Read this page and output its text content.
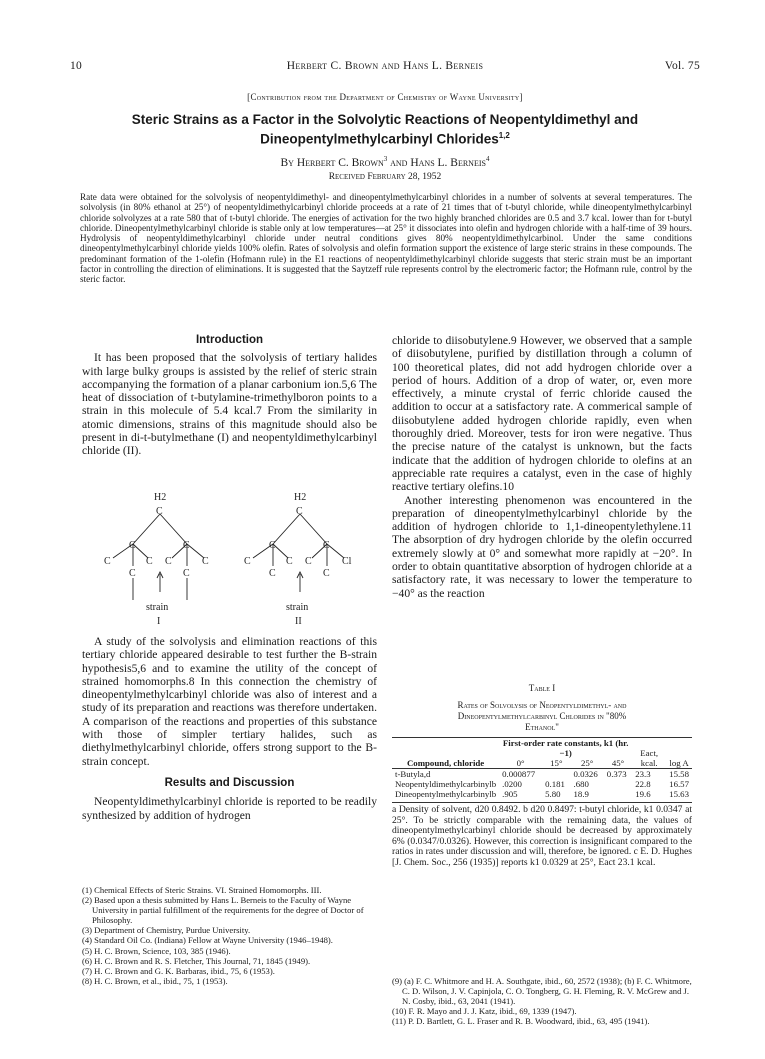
10	Herbert C. Brown and Hans L. Berneis	Vol. 75
[Contribution from the Department of Chemistry of Wayne University]
Steric Strains as a Factor in the Solvolytic Reactions of Neopentyldimethyl and
Dineopentylmethylcarbinyl Chlorides$^{1,2}$
By Herbert C. Brown$^3$ and Hans L. Berneis$^4$
Received February 28, 1952
Rate data were obtained for the solvolysis of neopentyldimethyl- and dineopentylmethylcarbinyl chlorides in a number of solvents at several temperatures. The solvolysis (in 80% ethanol at 25°) of neopentyldimethylcarbinyl chloride proceeds at a rate of 21 times that of t-butyl chloride, while dineopentylmethylcarbinyl chloride solvolyzes at a rate 580 that of t-butyl chloride. The energies of activation for the two highly branched chlorides are 0.5 and 3.7 kcal. lower than for t-butyl chloride. Dineopentylmethylcarbinyl chloride is stable only at low temperatures—at 25° it dissociates into olefin and hydrogen chloride with a half-time of 39 hours. Hydrolysis of neopentyldimethylcarbinyl chloride under neutral conditions gives 80% neopentyldimethylcarbinol. Under the same conditions dineopentylmethylcarbinyl chloride yields 100% olefin. Rates of solvolysis and olefin formation support the existence of large steric strains in these compounds. The predominant formation of the 1-olefin (Hofmann rule) in the E1 reactions of neopentyldimethylcarbinyl chloride suggests that steric strain must be an important factor in controlling the direction of eliminations. It is suggested that the Saytzeff rule represents control by the electromeric factor; the Hofmann rule, control by the steric factor.
Introduction

It has been proposed that the solvolysis of tertiary halides with large bulky groups is assisted by the relief of steric strain accompanying the formation of a planar carbonium ion.5,6 The heat of dissociation of t-butylamine-trimethylboron points to a strain in this molecule of 5.4 kcal.7 From the similarity in atomic dimensions, strains of this magnitude should also be present in di-t-butylmethane (I) and neopentyldimethylcarbinyl chloride (II).

H2
C
C	C
C	C C	C
C	C
strain
I
H2
C
C	C
C	C C	Cl
C	C
strain
II

A study of the solvolysis and elimination reactions of this tertiary chloride appeared desirable to test further the B-strain hypothesis5,6 and to examine the utility of the concept of strained homomorphs.8 In this connection the chemistry of dineopentylmethylcarbinyl chloride was also of interest and a study of its preparation and reactions was therefore undertaken. A comparison of the reactions and properties of this substance with those of simpler tertiary halides, such as diethylmethylcarbinyl chloride, offers strong support to the B-strain concept.

Results and Discussion

Neopentyldimethylcarbinyl chloride is reported to be readily synthesized by addition of hydrogen

(1) Chemical Effects of Steric Strains. VI. Strained Homomorphs. III.
(2) Based upon a thesis submitted by Hans L. Berneis to the Faculty of Wayne University in partial fulfillment of the requirements for the degree of Doctor of Philosophy.
(3) Department of Chemistry, Purdue University.
(4) Standard Oil Co. (Indiana) Fellow at Wayne University (1946–1948).
(5) H. C. Brown, Science, 103, 385 (1946).
(6) H. C. Brown and R. S. Fletcher, This Journal, 71, 1845 (1949).
(7) H. C. Brown and G. K. Barbaras, ibid., 75, 6 (1953).
(8) H. C. Brown, et al., ibid., 75, 1 (1953).

chloride to diisobutylene.9 However, we observed that a sample of diisobutylene, purified by distillation through a column of 100 theoretical plates, did not add hydrogen chloride over a period of hours. Addition of a drop of water, or, even more effectively, a minute crystal of ferric chloride caused the addition to occur at a satisfactory rate. A commerical sample of diisobutylene added hydrogen chloride rapidly, even when thoroughly dried. Moreover, tests for iron were negative. Thus the precise nature of the catalyst is unknown, but the facts indicate that the addition of hydrogen chloride to olefins at an appreciable rate requires a catalyst, even in the case of highly reactive tertiary olefins.10

Another interesting phenomenon was encountered in the preparation of dineopentylmethylcarbinyl chloride by the addition of hydrogen chloride to 1,1-dineopentylethylene.11 The absorption of dry hydrogen chloride by the olefin occurred extremely slowly at 0° and somewhat more rapidly at −20°. In order to obtain quantitative absorption of hydrogen chloride at a satisfactory rate, it was necessary to lower the temperature to −40° as the reaction

Table I
Rates of Solvolysis of Neopentyldimethyl- and
Dineopentylmethylcarbinyl Chlorides in "80%
Ethanol"
Compound, chloride	First-order rate constants, k1 (hr.−1)				Eact, kcal.	log A
	0°	15°	25°	45°		
t-Butyla,d	0.000877		0.0326	0.373	23.3	15.58
Neopentyldimethylcarbinylb	.0200	0.181	.680		22.8	16.57
Dineopentylmethylcarbinylb	.905	5.80	18.9		19.6	15.63
a Density of solvent, d20 0.8492. b d20 0.8497: t-butyl chloride, k1 0.0347 at 25°. To be strictly comparable with the remaining data, the values of dineopentylmethylcarbinyl chloride should be decreased by approximately 6% (0.0347/0.0326). However, this correction is insignificant compared to the ratios in rates under discussion and will, therefore, be ignored. c E. D. Hughes [J. Chem. Soc., 256 (1935)] reports k1 0.0329 at 25°, Eact 23.1 kcal.
(9) (a) F. C. Whitmore and H. A. Southgate, ibid., 60, 2572 (1938); (b) F. C. Whitmore, C. D. Wilson, J. V. Capinjola, C. O. Tongberg, G. H. Fleming, R. V. McGrew and J. N. Cosby, ibid., 63, 2041 (1941).
(10) F. R. Mayo and J. J. Katz, ibid., 69, 1339 (1947).
(11) P. D. Bartlett, G. L. Fraser and R. B. Woodward, ibid., 63, 495 (1941).
